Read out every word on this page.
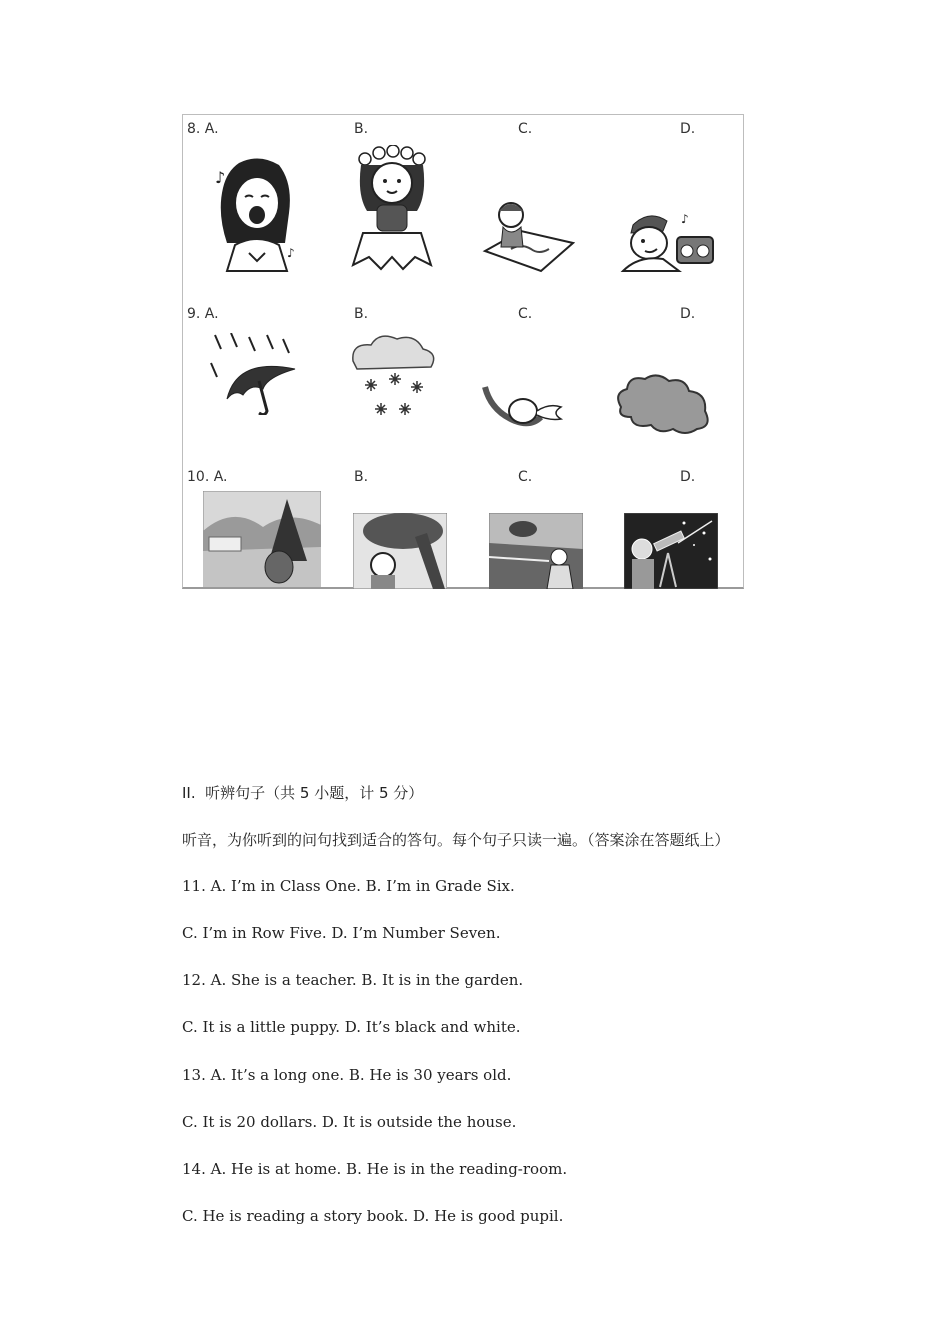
8. A.	B.	C.	D.
♪
♪
♪
9. A.	B.	C.	D.
10. A.	B.	C.	D.
II.  听辨句子（共 5 小题，计 5 分）
听音，为你听到的问句找到适合的答句。每个句子只读一遍。（答案涂在答题纸上）
11. A. I’m in Class One. B. I’m in Grade Six.
C. I’m in Row Five. D. I’m Number Seven.
12. A. She is a teacher. B. It is in the garden.
C. It is a little puppy. D. It’s black and white.
13. A. It’s a long one. B. He is 30 years old.
C. It is 20 dollars. D. It is outside the house.
14. A. He is at home. B. He is in the reading-room.
C. He is reading a story book. D. He is good pupil.
